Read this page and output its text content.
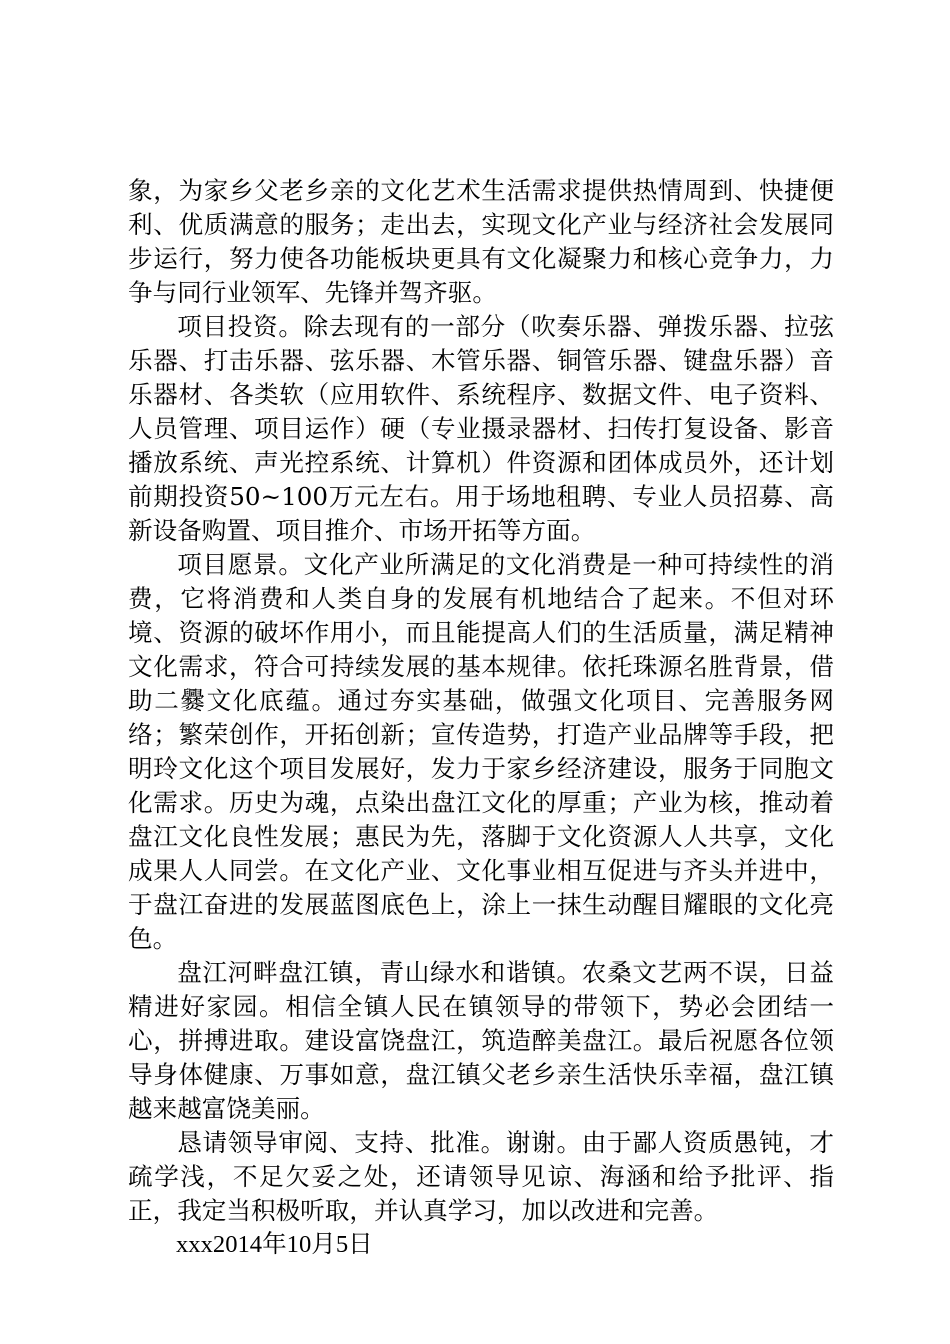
象，为家乡父老乡亲的文化艺术生活需求提供热情周到、快捷便利、优质满意的服务；走出去，实现文化产业与经济社会发展同步运行，努力使各功能板块更具有文化凝聚力和核心竞争力，力争与同行业领军、先锋并驾齐驱。

项目投资。除去现有的一部分（吹奏乐器、弹拨乐器、拉弦乐器、打击乐器、弦乐器、木管乐器、铜管乐器、键盘乐器）音乐器材、各类软（应用软件、系统程序、数据文件、电子资料、人员管理、项目运作）硬（专业摄录器材、扫传打复设备、影音播放系统、声光控系统、计算机）件资源和团体成员外，还计划前期投资50~100万元左右。用于场地租聘、专业人员招募、高新设备购置、项目推介、市场开拓等方面。

项目愿景。文化产业所满足的文化消费是一种可持续性的消费，它将消费和人类自身的发展有机地结合了起来。不但对环境、资源的破坏作用小，而且能提高人们的生活质量，满足精神文化需求，符合可持续发展的基本规律。依托珠源名胜背景，借助二爨文化底蕴。通过夯实基础，做强文化项目、完善服务网络；繁荣创作，开拓创新；宣传造势，打造产业品牌等手段，把明玲文化这个项目发展好，发力于家乡经济建设，服务于同胞文化需求。历史为魂，点染出盘江文化的厚重；产业为核，推动着盘江文化良性发展；惠民为先，落脚于文化资源人人共享，文化成果人人同尝。在文化产业、文化事业相互促进与齐头并进中，于盘江奋进的发展蓝图底色上，涂上一抹生动醒目耀眼的文化亮色。

盘江河畔盘江镇，青山绿水和谐镇。农桑文艺两不误，日益精进好家园。相信全镇人民在镇领导的带领下，势必会团结一心，拼搏进取。建设富饶盘江，筑造醉美盘江。最后祝愿各位领导身体健康、万事如意，盘江镇父老乡亲生活快乐幸福，盘江镇越来越富饶美丽。

恳请领导审阅、支持、批准。谢谢。由于鄙人资质愚钝，才疏学浅，不足欠妥之处，还请领导见谅、海涵和给予批评、指正，我定当积极听取，并认真学习，加以改进和完善。

xxx2014年10月5日
